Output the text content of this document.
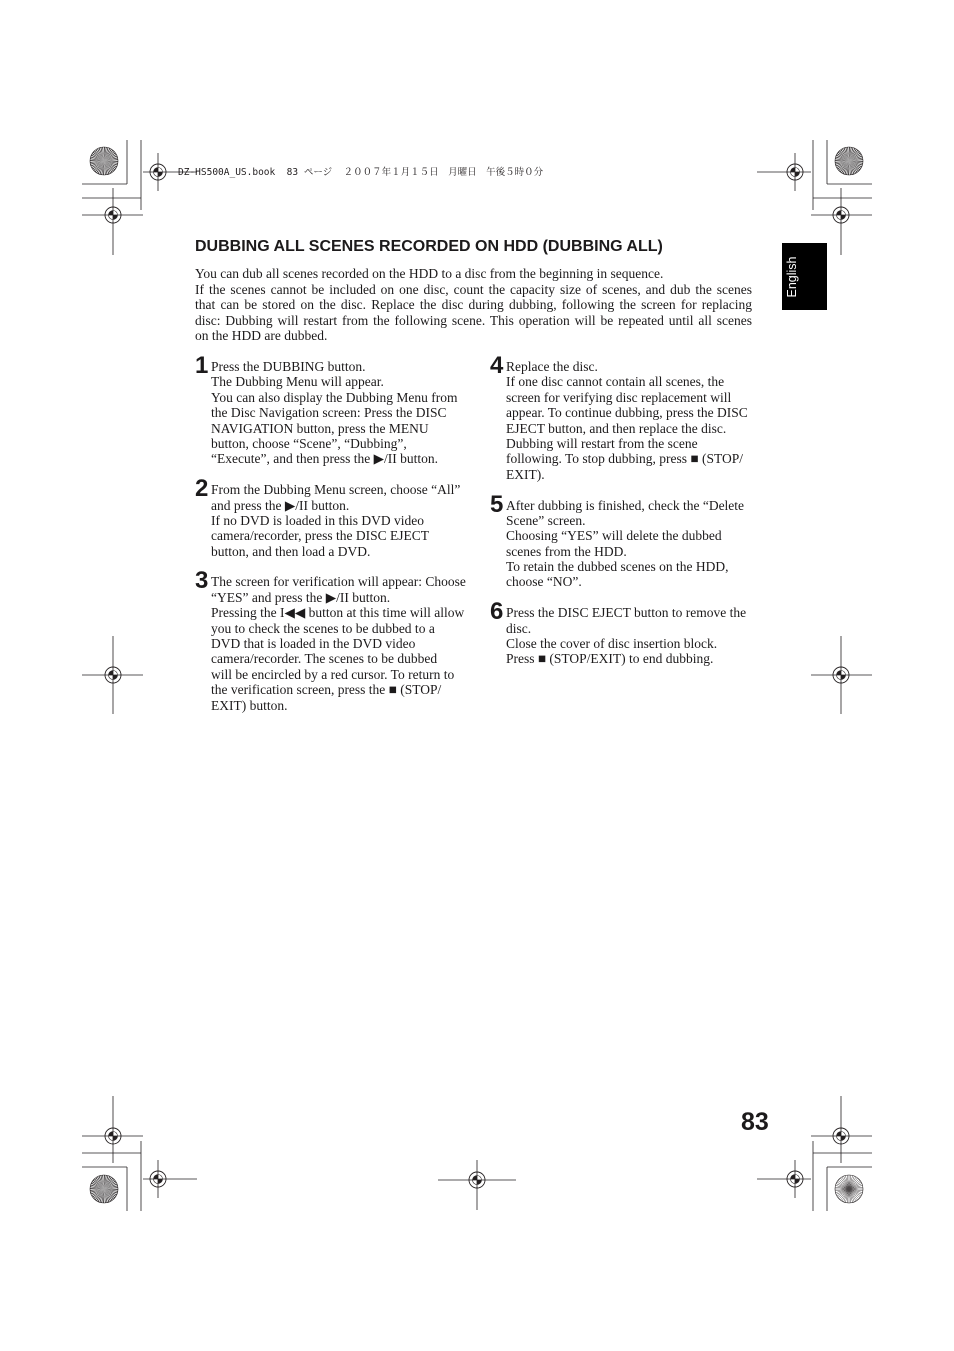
DZ-HS500A_US.book  83 ページ  ２００７年１月１５日　月曜日　午後５時０分
English
DUBBING ALL SCENES RECORDED ON HDD (DUBBING ALL)
You can dub all scenes recorded on the HDD to a disc from the beginning in sequence.
If the scenes cannot be included on one disc, count the capacity size of scenes, and dub the scenes
that can be stored on the disc. Replace the disc during dubbing, following the screen for replacing
disc: Dubbing will restart from the following scene. This operation will be repeated until all scenes
on the HDD are dubbed.
1 Press the DUBBING button.
The Dubbing Menu will appear.
You can also display the Dubbing Menu from
the Disc Navigation screen: Press the DISC
NAVIGATION button, press the MENU
button, choose “Scene”, “Dubbing”,
“Execute”, and then press the ▶/II button.
2 From the Dubbing Menu screen, choose “All”
and press the ▶/II button.
If no DVD is loaded in this DVD video
camera/recorder, press the DISC EJECT
button, and then load a DVD.
3 The screen for verification will appear: Choose
“YES” and press the ▶/II button.
Pressing the I◀◀ button at this time will allow
you to check the scenes to be dubbed to a
DVD that is loaded in the DVD video
camera/recorder. The scenes to be dubbed
will be encircled by a red cursor. To return to
the verification screen, press the ■ (STOP/
EXIT) button.
4 Replace the disc.
If one disc cannot contain all scenes, the
screen for verifying disc replacement will
appear. To continue dubbing, press the DISC
EJECT button, and then replace the disc.
Dubbing will restart from the scene
following. To stop dubbing, press ■ (STOP/
EXIT).
5 After dubbing is finished, check the “Delete
Scene” screen.
Choosing “YES” will delete the dubbed
scenes from the HDD.
To retain the dubbed scenes on the HDD,
choose “NO”.
6 Press the DISC EJECT button to remove the
disc.
Close the cover of disc insertion block.
Press ■ (STOP/EXIT) to end dubbing.
83
